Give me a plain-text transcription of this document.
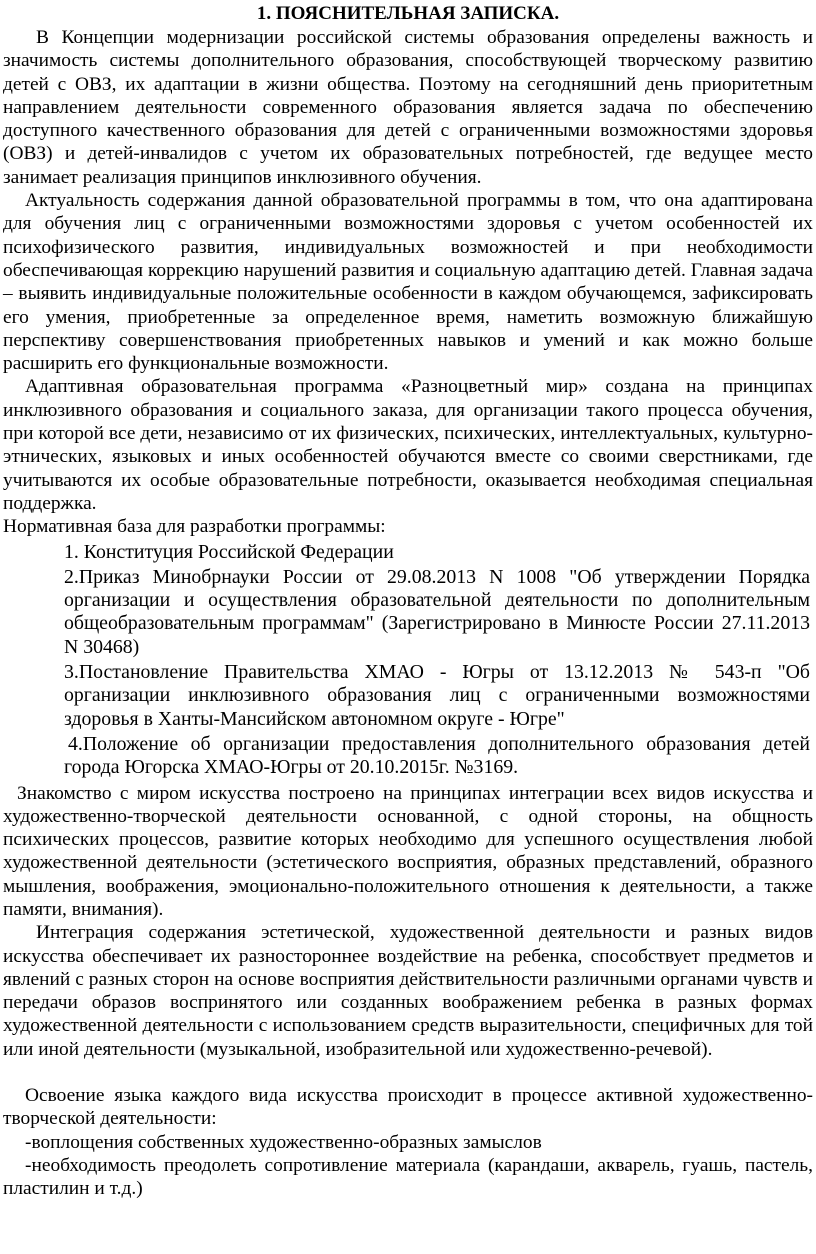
1. ПОЯСНИТЕЛЬНАЯ ЗАПИСКА.

В Концепции модернизации российской системы образования определены важность и значимость системы дополнительного образования, способствующей творческому развитию детей с ОВЗ, их адаптации в жизни общества. Поэтому на сегодняшний день приоритетным направлением деятельности современного образования является задача по обеспечению доступного качественного образования для детей с ограниченными возможностями здоровья (ОВЗ) и детей-инвалидов с учетом их образовательных потребностей, где ведущее место занимает реализация принципов инклюзивного обучения.

Актуальность содержания данной образовательной программы в том, что она адаптирована для обучения лиц с ограниченными возможностями здоровья с учетом особенностей их психофизического развития, индивидуальных возможностей и при необходимости обеспечивающая коррекцию нарушений развития и социальную адаптацию детей. Главная задача – выявить индивидуальные положительные особенности в каждом обучающемся, зафиксировать его умения, приобретенные за определенное время, наметить возможную ближайшую перспективу совершенствования приобретенных навыков и умений и как можно больше расширить его функциональные возможности.

Адаптивная образовательная программа «Разноцветный мир» создана на принципах инклюзивного образования и социального заказа, для организации такого процесса обучения, при которой все дети, независимо от их физических, психических, интеллектуальных, культурно-этнических, языковых и иных особенностей обучаются вместе со своими сверстниками, где учитываются их особые образовательные потребности, оказывается необходимая специальная поддержка.

Нормативная база для разработки программы:

1. Конституция Российской Федерации

2.Приказ Минобрнауки России от 29.08.2013 N 1008 "Об утверждении Порядка организации и осуществления образовательной деятельности по дополнительным общеобразовательным программам" (Зарегистрировано в Минюсте России 27.11.2013 N 30468)

3.Постановление Правительства ХМАО - Югры от 13.12.2013 № 543-п "Об организации инклюзивного образования лиц с ограниченными возможностями здоровья в Ханты-Мансийском автономном округе - Югре"

4.Положение об организации предоставления дополнительного образования детей города Югорска ХМАО-Югры от 20.10.2015г. №3169.

Знакомство с миром искусства построено на принципах интеграции всех видов искусства и художественно-творческой деятельности основанной, с одной стороны, на общность психических процессов, развитие которых необходимо для успешного осуществления любой художественной деятельности (эстетического восприятия, образных представлений, образного мышления, воображения, эмоционально-положительного отношения к деятельности, а также памяти, внимания).

Интеграция содержания эстетической, художественной деятельности и разных видов искусства обеспечивает их разностороннее воздействие на ребенка, способствует предметов и явлений с разных сторон на основе восприятия действительности различными органами чувств и передачи образов воспринятого или созданных воображением ребенка в разных формах художественной деятельности с использованием средств выразительности, специфичных для той или иной деятельности (музыкальной, изобразительной или художественно-речевой).

Освоение языка каждого вида искусства происходит в процессе активной художественно- творческой деятельности:

-воплощения собственных художественно-образных замыслов

-необходимость преодолеть сопротивление материала (карандаши, акварель, гуашь, пастель, пластилин и т.д.)
